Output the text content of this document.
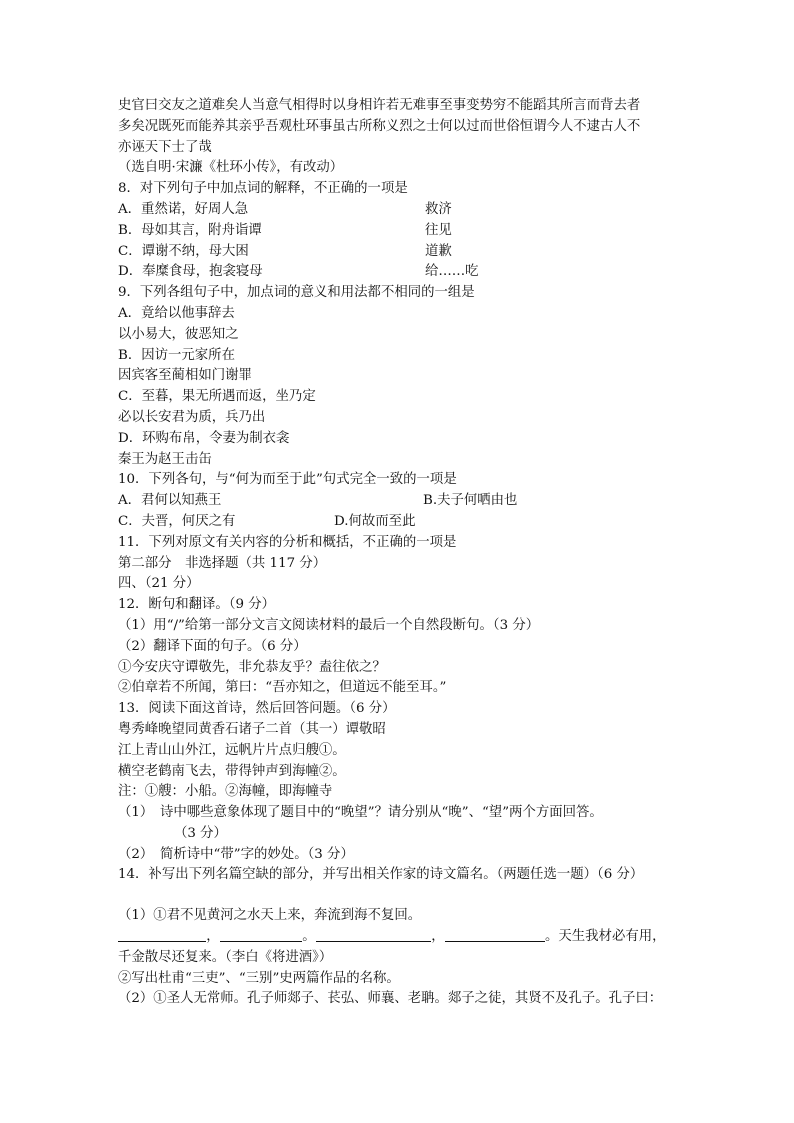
史官曰交友之道难矣人当意气相得时以身相许若无难事至事变势穷不能蹈其所言而背去者
多矣况既死而能养其亲乎吾观杜环事虽古所称义烈之士何以过而世俗恒谓今人不逮古人不
亦诬天下士了哉
（选自明·宋濂《杜环小传》，有改动）
8．对下列句子中加点词的解释，不正确的一项是
A．重然诺，好周人急	救济
B．母如其言，附舟诣谭	往见
C．谭谢不纳，母大困	道歉
D．奉糜食母，抱衾寝母	给……吃
9．下列各组句子中，加点词的意义和用法都不相同的一组是
A．竟给以他事辞去
以小易大，彼恶知之
B．因访一元家所在
因宾客至蔺相如门谢罪
C．至暮，果无所遇而返，坐乃定
必以长安君为质，兵乃出
D．环购布帛，令妻为制衣衾
秦王为赵王击缶
10．下列各句，与“何为而至于此”句式完全一致的一项是
A．君何以知燕王	B.夫子何哂由也
C．夫晋，何厌之有	D.何故而至此
11．下列对原文有关内容的分析和概括，不正确的一项是
第二部分　非选择题（共 117 分）
四、（21 分）
12．断句和翻译。（9 分）
（1）用“/”给第一部分文言文阅读材料的最后一个自然段断句。（3 分）
（2）翻译下面的句子。（6 分）
①今安庆守谭敬先，非允恭友乎？盍往依之？
②伯章若不所闻，第曰：“吾亦知之，但道远不能至耳。”
13．阅读下面这首诗，然后回答问题。（6 分）
粤秀峰晚望同黄香石诸子二首（其一）谭敬昭
江上青山山外江，远帆片片点归艘①。
横空老鹤南飞去，带得钟声到海幢②。
注：①艘：小船。②海幢，即海幢寺
（1）　诗中哪些意象体现了题目中的“晚望”？请分别从“晚”、“望”两个方面回答。
（3 分）
（2）　简析诗中“带”字的妙处。（3 分）
14．补写出下列名篇空缺的部分，并写出相关作家的诗文篇名。（两题任选一题）（6 分）
（1）①君不见黄河之水天上来，奔流到海不复回。
，	。	，	。天生我材必有用，
千金散尽还复来。（李白《将进酒》）
②写出杜甫“三吏”、“三别”史两篇作品的名称。
（2）①圣人无常师。孔子师郯子、苌弘、师襄、老聃。郯子之徒，其贤不及孔子。孔子曰：
